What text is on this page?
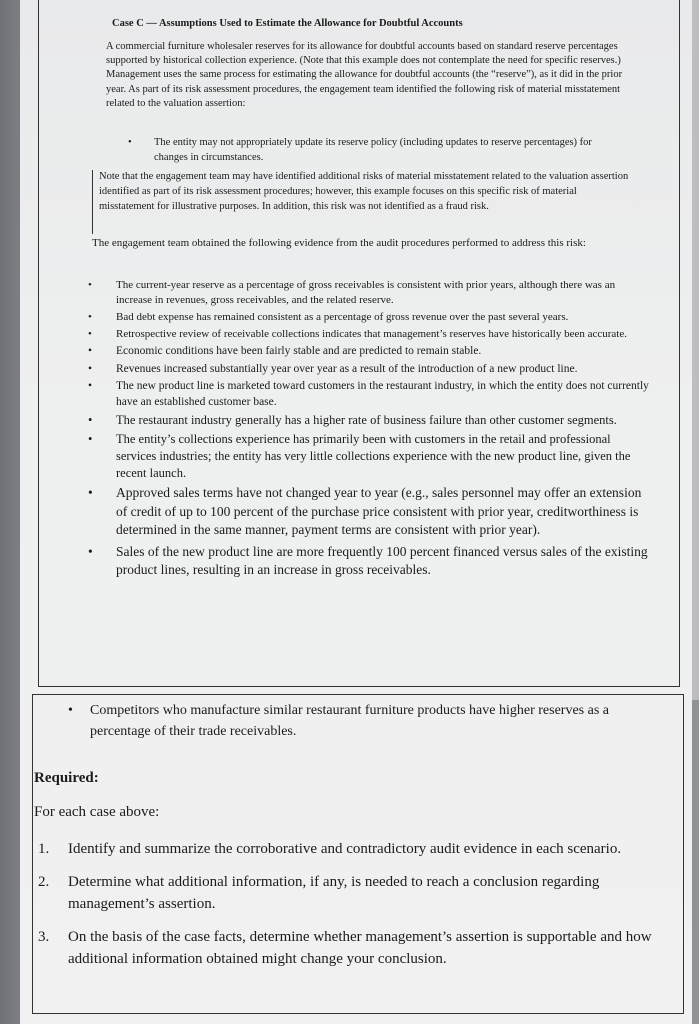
Case C — Assumptions Used to Estimate the Allowance for Doubtful Accounts

A commercial furniture wholesaler reserves for its allowance for doubtful accounts based on standard reserve percentages supported by historical collection experience. (Note that this example does not contemplate the need for specific reserves.) Management uses the same process for estimating the allowance for doubtful accounts (the “reserve”), as it did in the prior year. As part of its risk assessment procedures, the engagement team identified the following risk of material misstatement related to the valuation assertion:

• The entity may not appropriately update its reserve policy (including updates to reserve percentages) for changes in circumstances.
Note that the engagement team may have identified additional risks of material misstatement related to the valuation assertion identified as part of its risk assessment procedures; however, this example focuses on this specific risk of material misstatement for illustrative purposes. In addition, this risk was not identified as a fraud risk.

The engagement team obtained the following evidence from the audit procedures performed to address this risk:

• The current-year reserve as a percentage of gross receivables is consistent with prior years, although there was an increase in revenues, gross receivables, and the related reserve.
• Bad debt expense has remained consistent as a percentage of gross revenue over the past several years.
• Retrospective review of receivable collections indicates that management’s reserves have historically been accurate.
• Economic conditions have been fairly stable and are predicted to remain stable.
• Revenues increased substantially year over year as a result of the introduction of a new product line.
• The new product line is marketed toward customers in the restaurant industry, in which the entity does not currently have an established customer base.
• The restaurant industry generally has a higher rate of business failure than other customer segments.
• The entity’s collections experience has primarily been with customers in the retail and professional services industries; the entity has very little collections experience with the new product line, given the recent launch.
• Approved sales terms have not changed year to year (e.g., sales personnel may offer an extension of credit of up to 100 percent of the purchase price consistent with prior year, creditworthiness is determined in the same manner, payment terms are consistent with prior year).
• Sales of the new product line are more frequently 100 percent financed versus sales of the existing product lines, resulting in an increase in gross receivables.
• Competitors who manufacture similar restaurant furniture products have higher reserves as a percentage of their trade receivables.
Required:

For each case above:

1. Identify and summarize the corroborative and contradictory audit evidence in each scenario.
2. Determine what additional information, if any, is needed to reach a conclusion regarding management’s assertion.
3. On the basis of the case facts, determine whether management’s assertion is supportable and how additional information obtained might change your conclusion.
